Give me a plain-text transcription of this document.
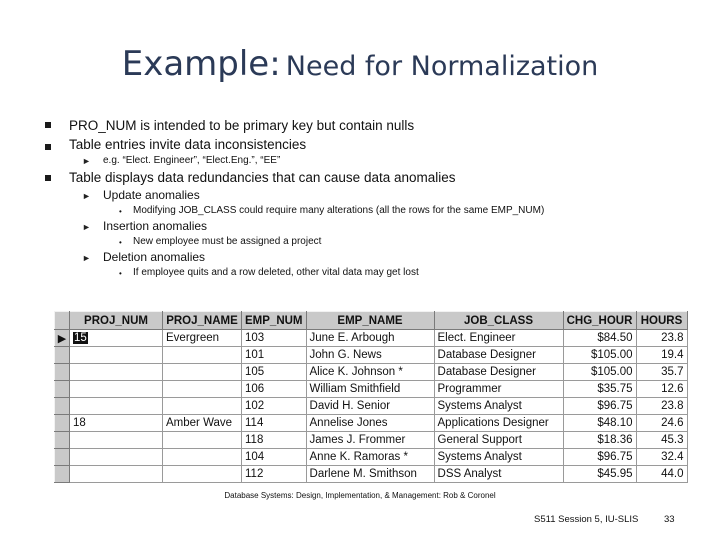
Example: Need for Normalization
PRO_NUM is intended to be primary key but contain nulls
Table entries invite data inconsistencies
► e.g. “Elect. Engineer”, “Elect.Eng.”, “EE”
Table displays data redundancies that can cause data anomalies
► Update anomalies
• Modifying JOB_CLASS could require many alterations (all the rows for the same EMP_NUM)
► Insertion anomalies
• New employee must be assigned a project
► Deletion anomalies
• If employee quits and a row deleted, other vital data may get lost
	PROJ_NUM	PROJ_NAME	EMP_NUM	EMP_NAME	JOB_CLASS	CHG_HOUR	HOURS
▶	15	Evergreen	103	June E. Arbough	Elect. Engineer	$84.50	23.8
			101	John G. News	Database Designer	$105.00	19.4
			105	Alice K. Johnson *	Database Designer	$105.00	35.7
			106	William Smithfield	Programmer	$35.75	12.6
			102	David H. Senior	Systems Analyst	$96.75	23.8
	18	Amber Wave	114	Annelise Jones	Applications Designer	$48.10	24.6
			118	James J. Frommer	General Support	$18.36	45.3
			104	Anne K. Ramoras *	Systems Analyst	$96.75	32.4
			112	Darlene M. Smithson	DSS Analyst	$45.95	44.0
Database Systems: Design, Implementation, & Management: Rob & Coronel
S511 Session 5, IU-SLIS	33
